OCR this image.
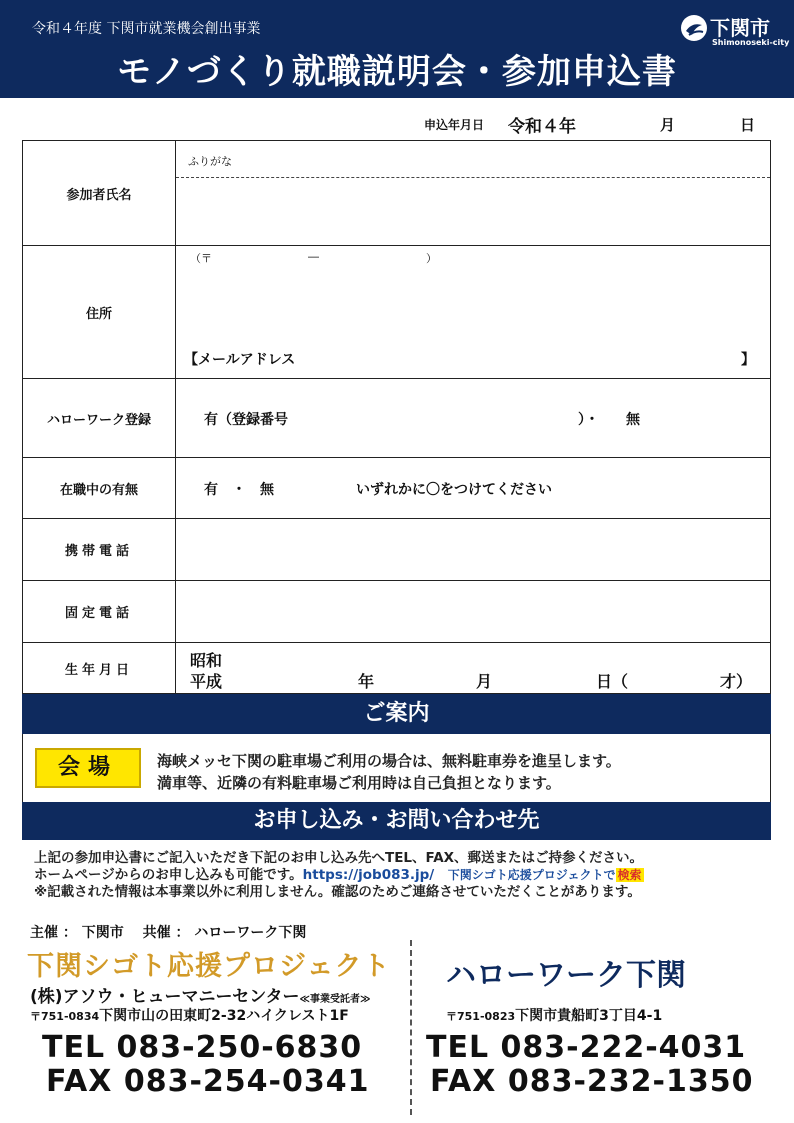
令和４年度 下関市就業機会創出事業
モノづくり就職説明会・参加申込書
下関市
Shimonoseki-city
申込年月日 令和４年	月	日
参加者氏名
ふりがな
住所
（〒	―	）
【メールアドレス	】
ハローワーク登録	有（登録番号	）・ 無
在職中の有無	有　・　無	いずれかに〇をつけてください
携帯電話
固定電話
生年月日	昭和
平成	年	月	日（	才）
ご案内
会場	海峡メッセ下関の駐車場ご利用の場合は、無料駐車券を進呈します。
満車等、近隣の有料駐車場ご利用時は自己負担となります。
お申し込み・お問い合わせ先
上記の参加申込書にご記入いただき下記のお申し込み先へTEL、FAX、郵送またはご持参ください。
ホームページからのお申し込みも可能です。https://job083.jp/　 下関シゴト応援プロジェクトで 検索
※記載された情報は本事業以外に利用しません。確認のためご連絡させていただくことがあります。
主催 ： 下関市　 共催 ： ハローワーク下関
下関シゴト応援プロジェクト
(株)アソウ・ヒューマニーセンター≪事業受託者≫
〒751-0834下関市山の田東町2-32ハイクレスト1F
TEL 083-250-6830
FAX 083-254-0341
ハローワーク下関
〒751-0823下関市貴船町3丁目4-1
TEL 083-222-4031
FAX 083-232-1350
